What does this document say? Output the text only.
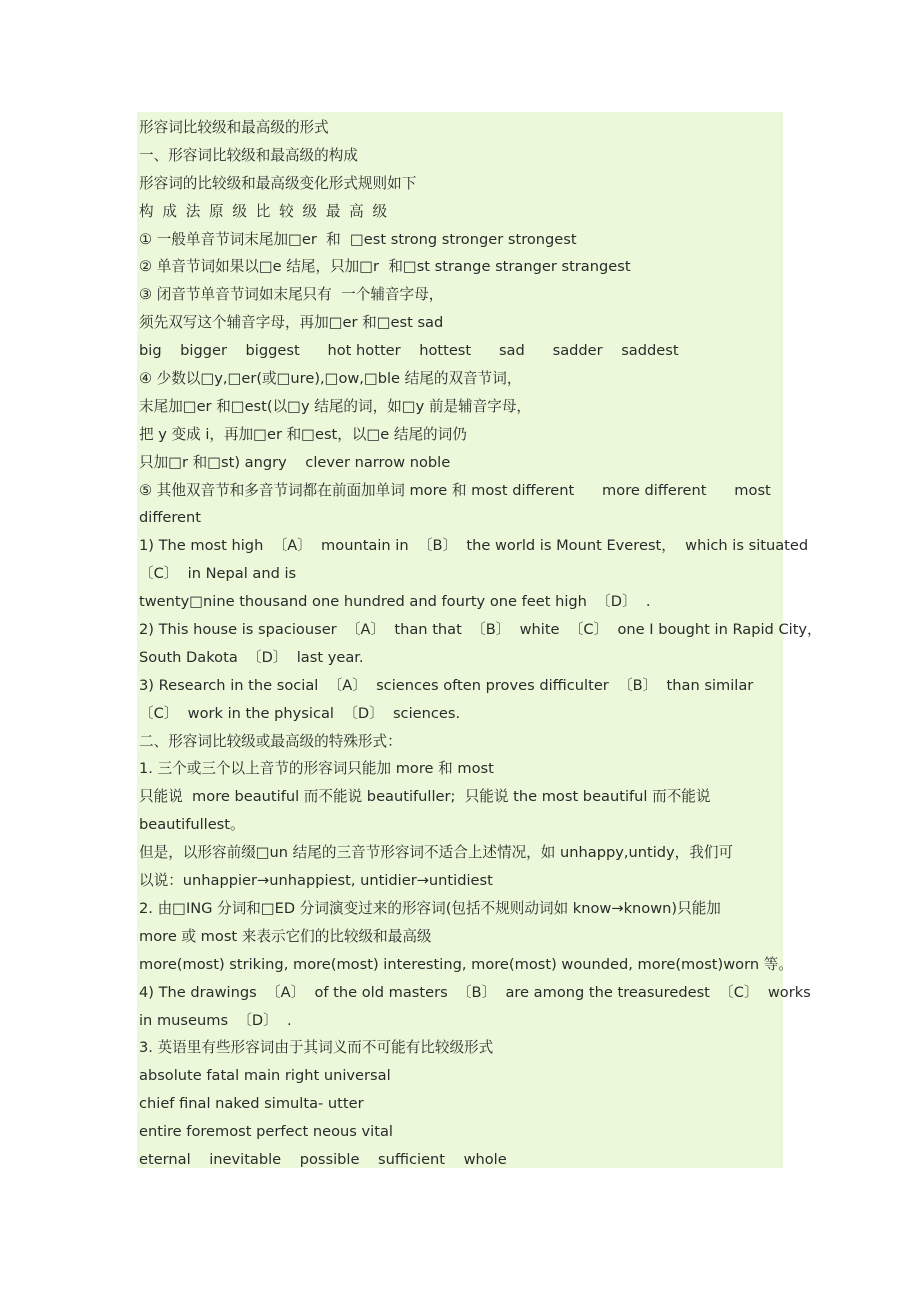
形容词比较级和最高级的形式
一、形容词比较级和最高级的构成
形容词的比较级和最高级变化形式规则如下
构成法原级比较级最高级
① 一般单音节词末尾加□er  和  □est strong stronger strongest
② 单音节词如果以□e 结尾，只加□r  和□st strange stranger strangest
③ 闭音节单音节词如末尾只有  一个辅音字母，
须先双写这个辅音字母，再加□er 和□est sad
big    bigger    biggest      hot hotter    hottest      sad      sadder    saddest
④ 少数以□y,□er(或□ure),□ow,□ble 结尾的双音节词，
末尾加□er 和□est(以□y 结尾的词，如□y 前是辅音字母，
把 y 变成 i，再加□er 和□est，以□e 结尾的词仍
只加□r 和□st) angry    clever narrow noble
⑤ 其他双音节和多音节词都在前面加单词 more 和 most different      more different      most
different
1) The most high  〔A〕  mountain in  〔B〕  the world is Mount Everest，  which is situated
〔C〕  in Nepal and is
twenty□nine thousand one hundred and fourty one feet high  〔D〕  .
2) This house is spaciouser  〔A〕  than that  〔B〕  white  〔C〕  one I bought in Rapid City，
South Dakota  〔D〕  last year.
3) Research in the social  〔A〕  sciences often proves difficulter  〔B〕  than similar
〔C〕  work in the physical  〔D〕  sciences.
二、形容词比较级或最高级的特殊形式：
1. 三个或三个以上音节的形容词只能加 more 和 most
只能说  more beautiful 而不能说 beautifuller;  只能说 the most beautiful 而不能说
beautifullest。
但是，以形容前缀□un 结尾的三音节形容词不适合上述情况，如 unhappy,untidy，我们可
以说：unhappier→unhappiest, untidier→untidiest
2. 由□ING 分词和□ED 分词演变过来的形容词(包括不规则动词如 know→known)只能加
more 或 most 来表示它们的比较级和最高级
more(most) striking, more(most) interesting, more(most) wounded, more(most)worn 等。
4) The drawings  〔A〕  of the old masters  〔B〕  are among the treasuredest  〔C〕  works
in museums  〔D〕  .
3. 英语里有些形容词由于其词义而不可能有比较级形式
absolute fatal main right universal
chief final naked simulta- utter
entire foremost perfect neous vital
eternal    inevitable    possible    sufficient    whole
